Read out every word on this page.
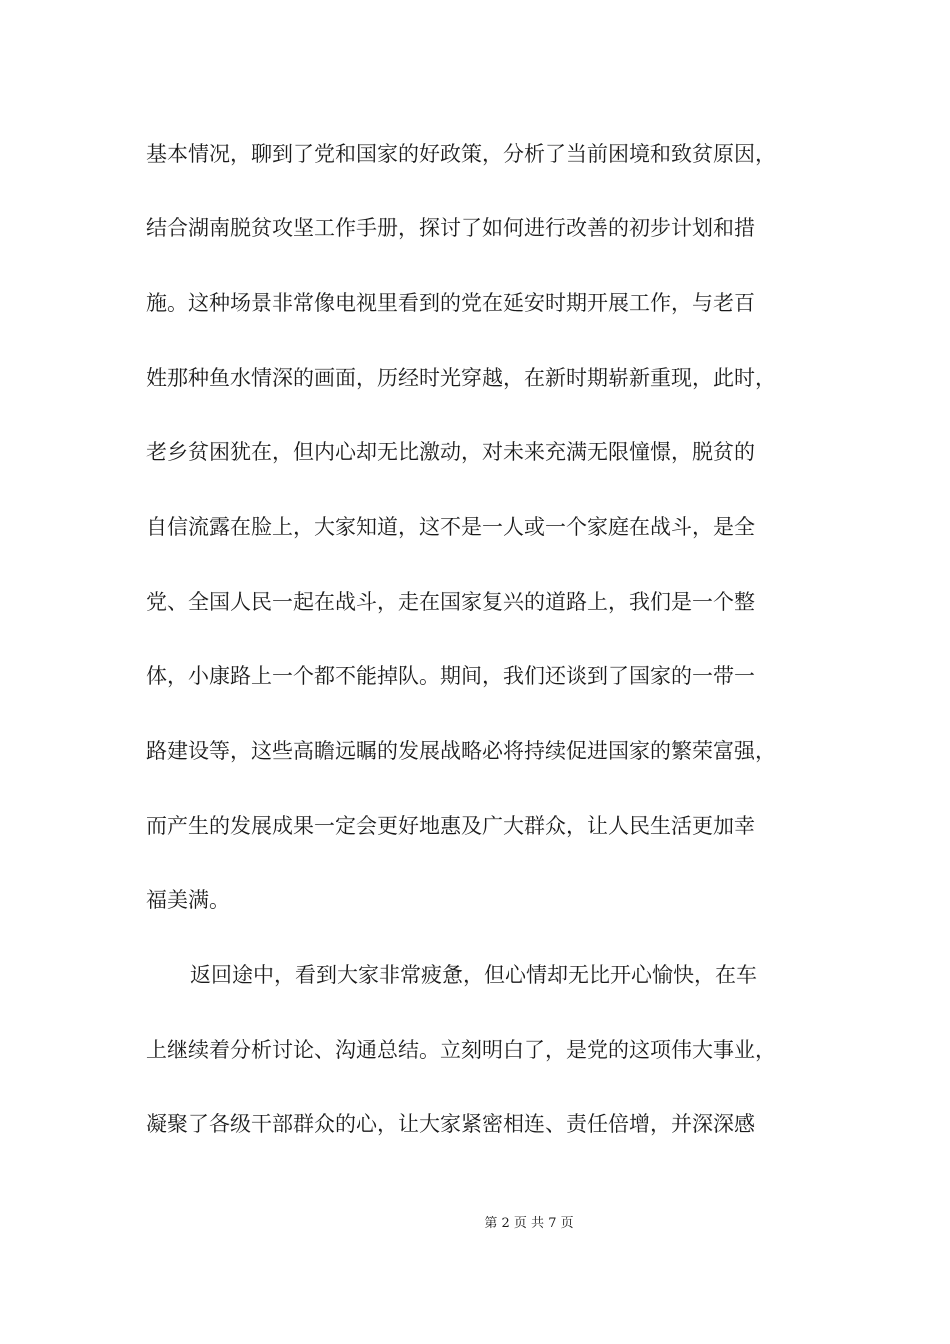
基本情况，聊到了党和国家的好政策，分析了当前困境和致贫原因，
结合湖南脱贫攻坚工作手册，探讨了如何进行改善的初步计划和措
施。这种场景非常像电视里看到的党在延安时期开展工作，与老百
姓那种鱼水情深的画面，历经时光穿越，在新时期崭新重现，此时，
老乡贫困犹在，但内心却无比激动，对未来充满无限憧憬，脱贫的
自信流露在脸上，大家知道，这不是一人或一个家庭在战斗，是全
党、全国人民一起在战斗，走在国家复兴的道路上，我们是一个整
体，小康路上一个都不能掉队。期间，我们还谈到了国家的一带一
路建设等，这些高瞻远瞩的发展战略必将持续促进国家的繁荣富强，
而产生的发展成果一定会更好地惠及广大群众，让人民生活更加幸
福美满。
返回途中，看到大家非常疲惫，但心情却无比开心愉快，在车
上继续着分析讨论、沟通总结。立刻明白了，是党的这项伟大事业，
凝聚了各级干部群众的心，让大家紧密相连、责任倍增，并深深感
第 2 页 共 7 页
